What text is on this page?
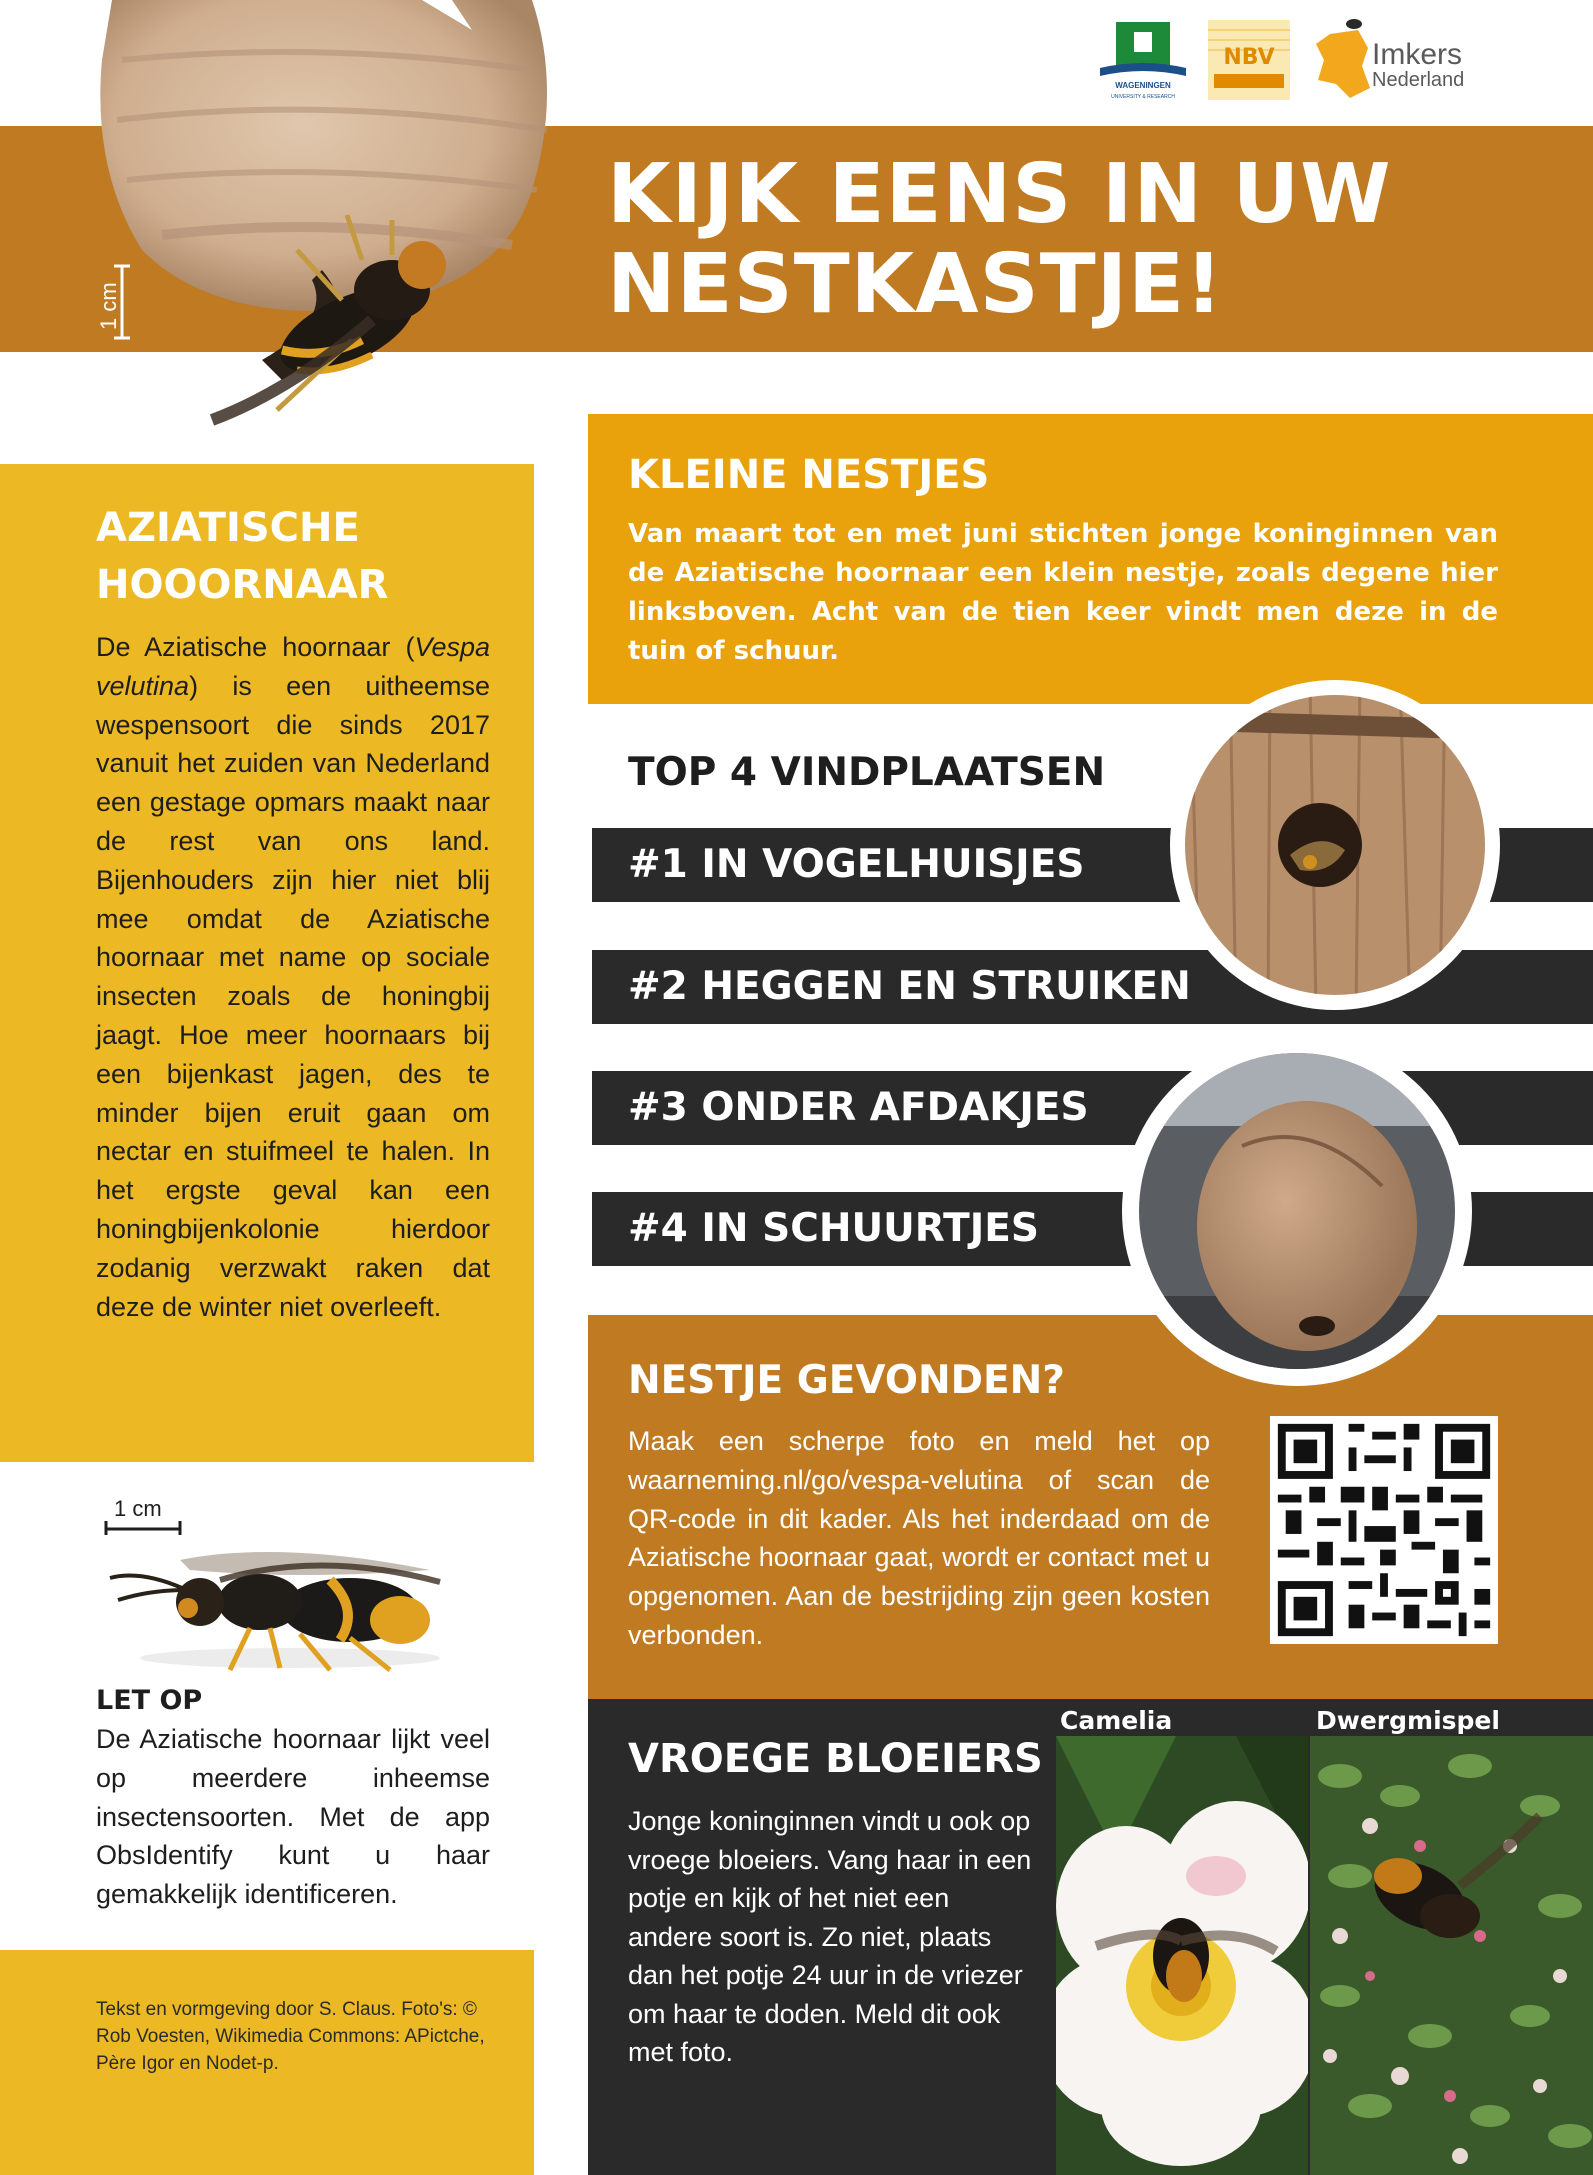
KIJK EENS IN UW
NESTKASTJE!
1 cm
WAGENINGEN
UNIVERSITY & RESEARCH
NBV	Imkers
Nederland
AZIATISCHE
HOOORNAAR
De Aziatische hoornaar (Vespa velutina) is een uitheemse wespensoort die sinds 2017 vanuit het zuiden van Nederland een gestage opmars maakt naar de rest van ons land. Bijenhouders zijn hier niet blij mee omdat de Aziatische hoornaar met name op sociale insecten zoals de honingbij jaagt. Hoe meer hoornaars bij een bijenkast jagen, des te minder bijen eruit gaan om nectar en stuifmeel te halen. In het ergste geval kan een honingbijenkolonie hierdoor zodanig verzwakt raken dat deze de winter niet overleeft.
1 cm
LET OP
De Aziatische hoornaar lijkt veel op meerdere inheemse insectensoorten. Met de app ObsIdentify kunt u haar gemakkelijk identificeren.
Tekst en vormgeving door S. Claus. Foto's: © Rob Voesten, Wikimedia Commons: APictche, Père Igor en Nodet-p.
KLEINE NESTJES
Van maart tot en met juni stichten jonge koninginnen van de Aziatische hoornaar een klein nestje, zoals degene hier linksboven. Acht van de tien keer vindt men deze in de tuin of schuur.
TOP 4 VINDPLAATSEN
#1 IN VOGELHUISJES
#2 HEGGEN EN STRUIKEN
#3 ONDER AFDAKJES
#4 IN SCHUURTJES
NESTJE GEVONDEN?
Maak een scherpe foto en meld het op waarneming.nl/go/vespa-velutina of scan de QR-code in dit kader. Als het inderdaad om de Aziatische hoornaar gaat, wordt er contact met u opgenomen. Aan de bestrijding zijn geen kosten verbonden.
VROEGE BLOEIERS
Jonge koninginnen vindt u ook op vroege bloeiers. Vang haar in een potje en kijk of het niet een andere soort is. Zo niet, plaats dan het potje 24 uur in de vriezer om haar te doden. Meld dit ook met foto.
Camelia	Dwergmispel
